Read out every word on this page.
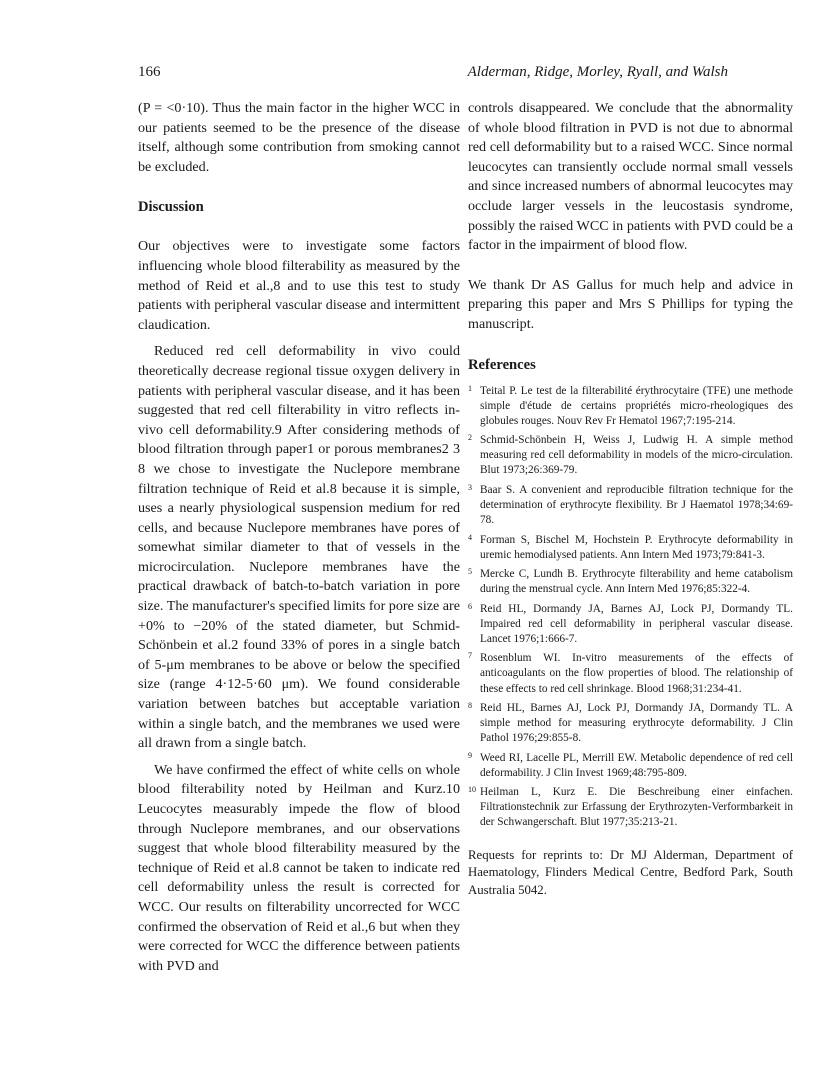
166	Alderman, Ridge, Morley, Ryall, and Walsh

(P = <0·10). Thus the main factor in the higher WCC in our patients seemed to be the presence of the disease itself, although some contribution from smoking cannot be excluded.

Discussion

Our objectives were to investigate some factors influencing whole blood filterability as measured by the method of Reid et al.,8 and to use this test to study patients with peripheral vascular disease and intermittent claudication.

Reduced red cell deformability in vivo could theoretically decrease regional tissue oxygen delivery in patients with peripheral vascular disease, and it has been suggested that red cell filterability in vitro reflects in-vivo cell deformability.9 After considering methods of blood filtration through paper1 or porous membranes2 3 8 we chose to investigate the Nuclepore membrane filtration technique of Reid et al.8 because it is simple, uses a nearly physiological suspension medium for red cells, and because Nuclepore membranes have pores of somewhat similar diameter to that of vessels in the microcirculation. Nuclepore membranes have the practical drawback of batch-to-batch variation in pore size. The manufacturer's specified limits for pore size are +0% to −20% of the stated diameter, but Schmid-Schönbein et al.2 found 33% of pores in a single batch of 5-μm membranes to be above or below the specified size (range 4·12-5·60 μm). We found considerable variation between batches but acceptable variation within a single batch, and the membranes we used were all drawn from a single batch.

We have confirmed the effect of white cells on whole blood filterability noted by Heilman and Kurz.10 Leucocytes measurably impede the flow of blood through Nuclepore membranes, and our observations suggest that whole blood filterability measured by the technique of Reid et al.8 cannot be taken to indicate red cell deformability unless the result is corrected for WCC. Our results on filterability uncorrected for WCC confirmed the observation of Reid et al.,6 but when they were corrected for WCC the difference between patients with PVD and

controls disappeared. We conclude that the abnormality of whole blood filtration in PVD is not due to abnormal red cell deformability but to a raised WCC. Since normal leucocytes can transiently occlude normal small vessels and since increased numbers of abnormal leucocytes may occlude larger vessels in the leucostasis syndrome, possibly the raised WCC in patients with PVD could be a factor in the impairment of blood flow.

We thank Dr AS Gallus for much help and advice in preparing this paper and Mrs S Phillips for typing the manuscript.

References
1 Teital P. Le test de la filterabilité érythrocytaire (TFE) une methode simple d'étude de certains propriétés micro-rheologiques des globules rouges. Nouv Rev Fr Hematol 1967;7:195-214.
2 Schmid-Schönbein H, Weiss J, Ludwig H. A simple method measuring red cell deformability in models of the micro-circulation. Blut 1973;26:369-79.
3 Baar S. A convenient and reproducible filtration technique for the determination of erythrocyte flexibility. Br J Haematol 1978;34:69-78.
4 Forman S, Bischel M, Hochstein P. Erythrocyte deformability in uremic hemodialysed patients. Ann Intern Med 1973;79:841-3.
5 Mercke C, Lundh B. Erythrocyte filterability and heme catabolism during the menstrual cycle. Ann Intern Med 1976;85:322-4.
6 Reid HL, Dormandy JA, Barnes AJ, Lock PJ, Dormandy TL. Impaired red cell deformability in peripheral vascular disease. Lancet 1976;1:666-7.
7 Rosenblum WI. In-vitro measurements of the effects of anticoagulants on the flow properties of blood. The relationship of these effects to red cell shrinkage. Blood 1968;31:234-41.
8 Reid HL, Barnes AJ, Lock PJ, Dormandy JA, Dormandy TL. A simple method for measuring erythrocyte deformability. J Clin Pathol 1976;29:855-8.
9 Weed RI, Lacelle PL, Merrill EW. Metabolic dependence of red cell deformability. J Clin Invest 1969;48:795-809.
10 Heilman L, Kurz E. Die Beschreibung einer einfachen. Filtrationstechnik zur Erfassung der Erythrozyten-Verformbarkeit in der Schwangerschaft. Blut 1977;35:213-21.

Requests for reprints to: Dr MJ Alderman, Department of Haematology, Flinders Medical Centre, Bedford Park, South Australia 5042.
